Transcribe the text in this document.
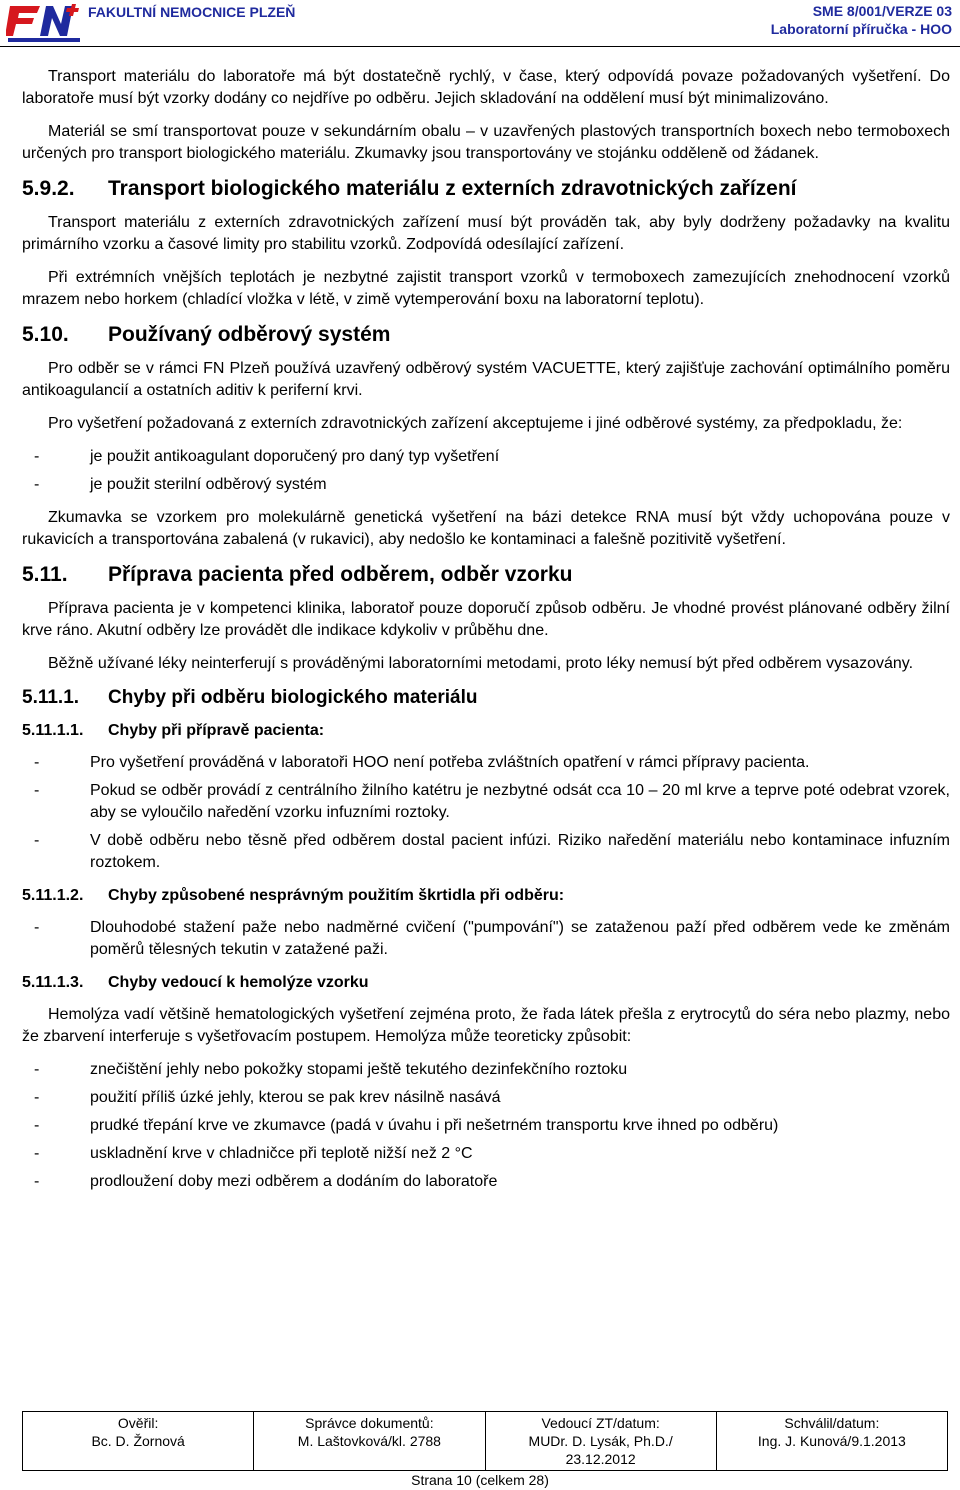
FAKULTNÍ NEMOCNICE PLZEŇ	SME 8/001/VERZE 03
Laboratorní příručka - HOO

Transport materiálu do laboratoře má být dostatečně rychlý, v čase, který odpovídá povaze požadovaných vyšetření. Do laboratoře musí být vzorky dodány co nejdříve po odběru. Jejich skladování na oddělení musí být minimalizováno.

Materiál se smí transportovat pouze v sekundárním obalu – v uzavřených plastových transportních boxech nebo termoboxech určených pro transport biologického materiálu. Zkumavky jsou transportovány ve stojánku odděleně od žádanek.

5.9.2.	Transport biologického materiálu z externích zdravotnických zařízení

Transport materiálu z externích zdravotnických zařízení musí být prováděn tak, aby byly dodrženy požadavky na kvalitu primárního vzorku a časové limity pro stabilitu vzorků. Zodpovídá odesílající zařízení.

Při extrémních vnějších teplotách je nezbytné zajistit transport vzorků v termoboxech zamezujících znehodnocení vzorků mrazem nebo horkem (chladící vložka v létě, v zimě vytemperování boxu na laboratorní teplotu).

5.10.	Používaný odběrový systém

Pro odběr se v rámci FN Plzeň používá uzavřený odběrový systém VACUETTE, který zajišťuje zachování optimálního poměru antikoagulancií a ostatních aditiv k periferní krvi.

Pro vyšetření požadovaná z externích zdravotnických zařízení akceptujeme i jiné odběrové systémy, za předpokladu, že:

-	je použit antikoagulant doporučený pro daný typ vyšetření
-	je použit sterilní odběrový systém

Zkumavka se vzorkem pro molekulárně genetická vyšetření na bázi detekce RNA musí být vždy uchopována pouze v rukavicích a transportována zabalená (v rukavici), aby nedošlo ke kontaminaci a falešně pozitivitě vyšetření.

5.11.	Příprava pacienta před odběrem, odběr vzorku

Příprava pacienta je v kompetenci klinika, laboratoř pouze doporučí způsob odběru. Je vhodné provést plánované odběry žilní krve ráno. Akutní odběry lze provádět dle indikace kdykoliv v průběhu dne.

Běžně užívané léky neinterferují s prováděnými laboratorními metodami, proto léky nemusí být před odběrem vysazovány.

5.11.1.	Chyby při odběru biologického materiálu
5.11.1.1.	Chyby při přípravě pacienta:
-	Pro vyšetření prováděná v laboratoři HOO není potřeba zvláštních opatření v rámci přípravy pacienta.
-	Pokud se odběr provádí z centrálního žilního katétru je nezbytné odsát cca 10 – 20 ml krve a teprve poté odebrat vzorek, aby se vyloučilo naředění vzorku infuzními roztoky.
-	V době odběru nebo těsně před odběrem dostal pacient infúzi. Riziko naředění materiálu nebo kontaminace infuzním roztokem.
5.11.1.2.	Chyby způsobené nesprávným použitím škrtidla při odběru:
-	Dlouhodobé stažení paže nebo nadměrné cvičení ("pumpování") se zataženou paží před odběrem vede ke změnám poměrů tělesných tekutin v zatažené paži.
5.11.1.3.	Chyby vedoucí k hemolýze vzorku

Hemolýza vadí většině hematologických vyšetření zejména proto, že řada látek přešla z erytrocytů do séra nebo plazmy, nebo že zbarvení interferuje s vyšetřovacím postupem. Hemolýza může teoreticky způsobit:

-	znečištění jehly nebo pokožky stopami ještě tekutého dezinfekčního roztoku
-	použití příliš úzké jehly, kterou se pak krev násilně nasává
-	prudké třepání krve ve zkumavce (padá v úvahu i při nešetrném transportu krve ihned po odběru)
-	uskladnění krve v chladničce při teplotě nižší než 2 °C
-	prodloužení doby mezi odběrem a dodáním do laboratoře
Ověřil:
Bc. D. Žornová

Správce dokumentů:
M. Laštovková/kl. 2788

Vedoucí ZT/datum:
MUDr. D. Lysák, Ph.D./
23.12.2012

Schválil/datum:
Ing. J. Kunová/9.1.2013
Strana 10 (celkem 28)
